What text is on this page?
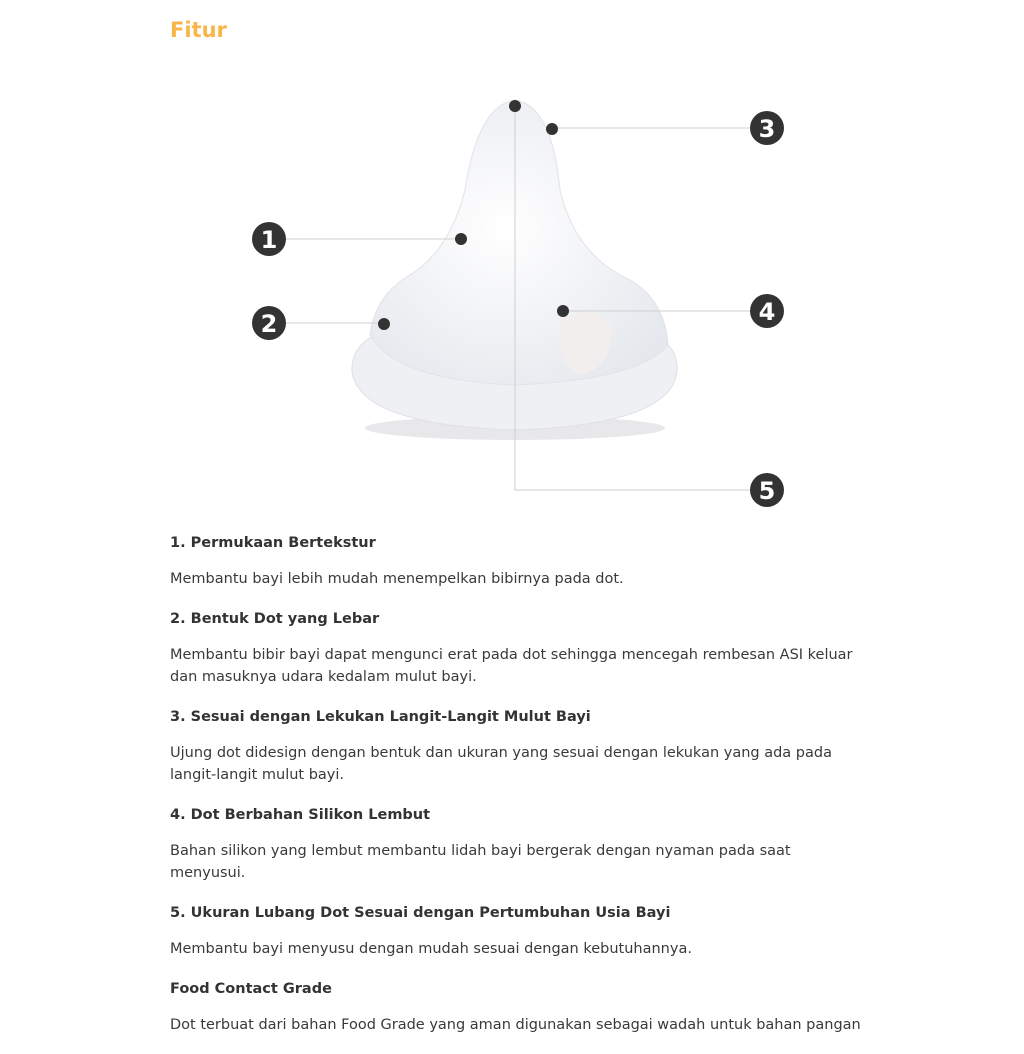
Fitur
1
2
3
4
5
1. Permukaan Bertekstur
Membantu bayi lebih mudah menempelkan bibirnya pada dot.
2. Bentuk Dot yang Lebar
Membantu bibir bayi dapat mengunci erat pada dot sehingga mencegah rembesan ASI keluar dan masuknya udara kedalam mulut bayi.
3. Sesuai dengan Lekukan Langit-Langit Mulut Bayi
Ujung dot didesign dengan bentuk dan ukuran yang sesuai dengan lekukan yang ada pada langit-langit mulut bayi.
4. Dot Berbahan Silikon Lembut
Bahan silikon yang lembut membantu lidah bayi bergerak dengan nyaman pada saat menyusui.
5. Ukuran Lubang Dot Sesuai dengan Pertumbuhan Usia Bayi
Membantu bayi menyusu dengan mudah sesuai dengan kebutuhannya.
Food Contact Grade
Dot terbuat dari bahan Food Grade yang aman digunakan sebagai wadah untuk bahan pangan
